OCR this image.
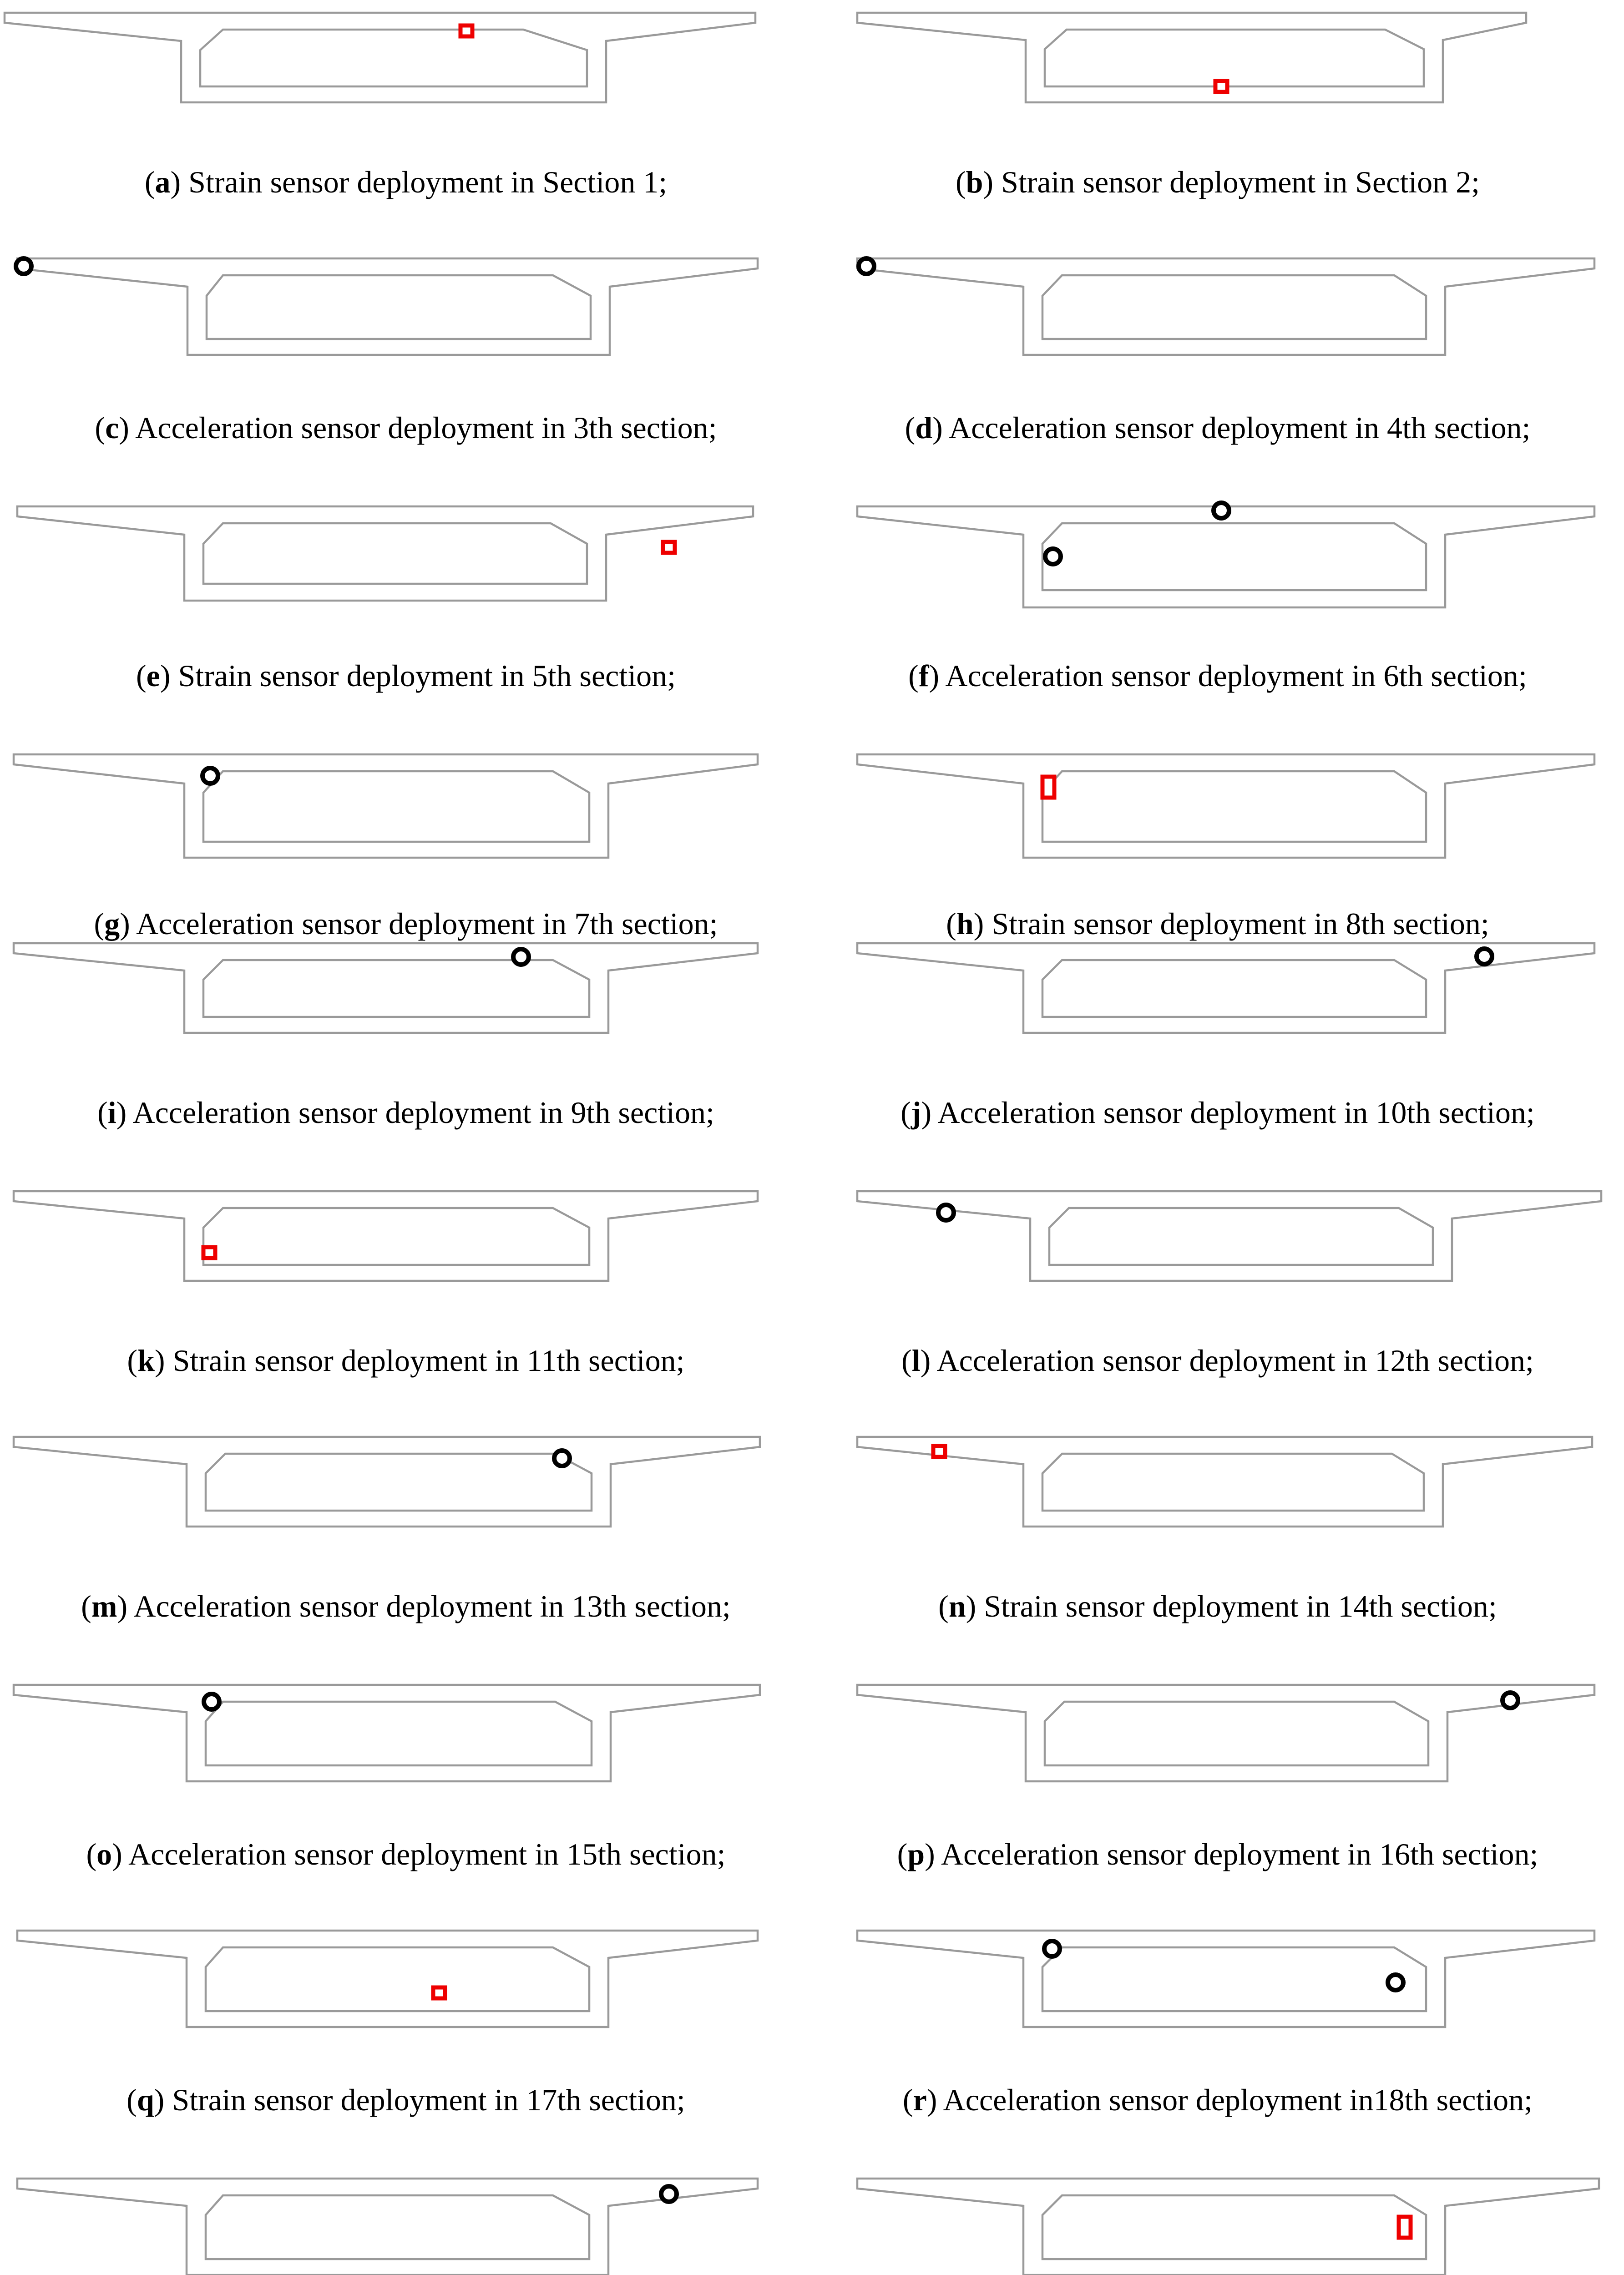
(a) Strain sensor deployment in Section 1;	(b) Strain sensor deployment in Section 2;
(c) Acceleration sensor deployment in 3th section;	(d) Acceleration sensor deployment in 4th section;
(e) Strain sensor deployment in 5th section;	(f) Acceleration sensor deployment in 6th section;
(g) Acceleration sensor deployment in 7th section;	(h) Strain sensor deployment in 8th section;
(i) Acceleration sensor deployment in 9th section;	(j) Acceleration sensor deployment in 10th section;
(k) Strain sensor deployment in 11th section;	(l) Acceleration sensor deployment in 12th section;
(m) Acceleration sensor deployment in 13th section;	(n) Strain sensor deployment in 14th section;
(o) Acceleration sensor deployment in 15th section;	(p) Acceleration sensor deployment in 16th section;
(q) Strain sensor deployment in 17th section;	(r) Acceleration sensor deployment in18th section;
